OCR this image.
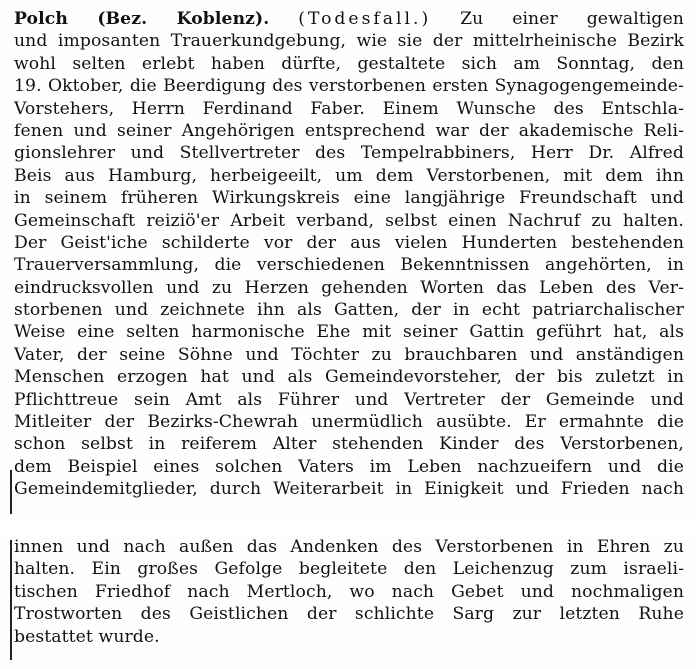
Polch (Bez. Koblenz). (Todesfall.) Zu einer gewaltigen
und imposanten Trauerkundgebung, wie sie der mittelrheinische Bezirk
wohl selten erlebt haben dürfte, gestaltete sich am Sonntag, den
19. Oktober, die Beerdigung des verstorbenen ersten Synagogengemeinde-
Vorstehers, Herrn Ferdinand Faber. Einem Wunsche des Entschla-
fenen und seiner Angehörigen entsprechend war der akademische Reli-
gionslehrer und Stellvertreter des Tempelrabbiners, Herr Dr. Alfred
Beis aus Hamburg, herbeigeeilt, um dem Verstorbenen, mit dem ihn
in seinem früheren Wirkungskreis eine langjährige Freundschaft und
Gemeinschaft reiziö'er Arbeit verband, selbst einen Nachruf zu halten.
Der Geist'iche schilderte vor der aus vielen Hunderten bestehenden
Trauerversammlung, die verschiedenen Bekenntnissen angehörten, in
eindrucksvollen und zu Herzen gehenden Worten das Leben des Ver-
storbenen und zeichnete ihn als Gatten, der in echt patriarchalischer
Weise eine selten harmonische Ehe mit seiner Gattin geführt hat, als
Vater, der seine Söhne und Töchter zu brauchbaren und anständigen
Menschen erzogen hat und als Gemeindevorsteher, der bis zuletzt in
Pflichttreue sein Amt als Führer und Vertreter der Gemeinde und
Mitleiter der Bezirks-Chewrah unermüdlich ausübte. Er ermahnte die
schon selbst in reiferem Alter stehenden Kinder des Verstorbenen,
dem Beispiel eines solchen Vaters im Leben nachzueifern und die
Gemeindemitglieder, durch Weiterarbeit in Einigkeit und Frieden nach
innen und nach außen das Andenken des Verstorbenen in Ehren zu
halten. Ein großes Gefolge begleitete den Leichenzug zum israeli-
tischen Friedhof nach Mertloch, wo nach Gebet und nochmaligen
Trostworten des Geistlichen der schlichte Sarg zur letzten Ruhe
bestattet wurde.
